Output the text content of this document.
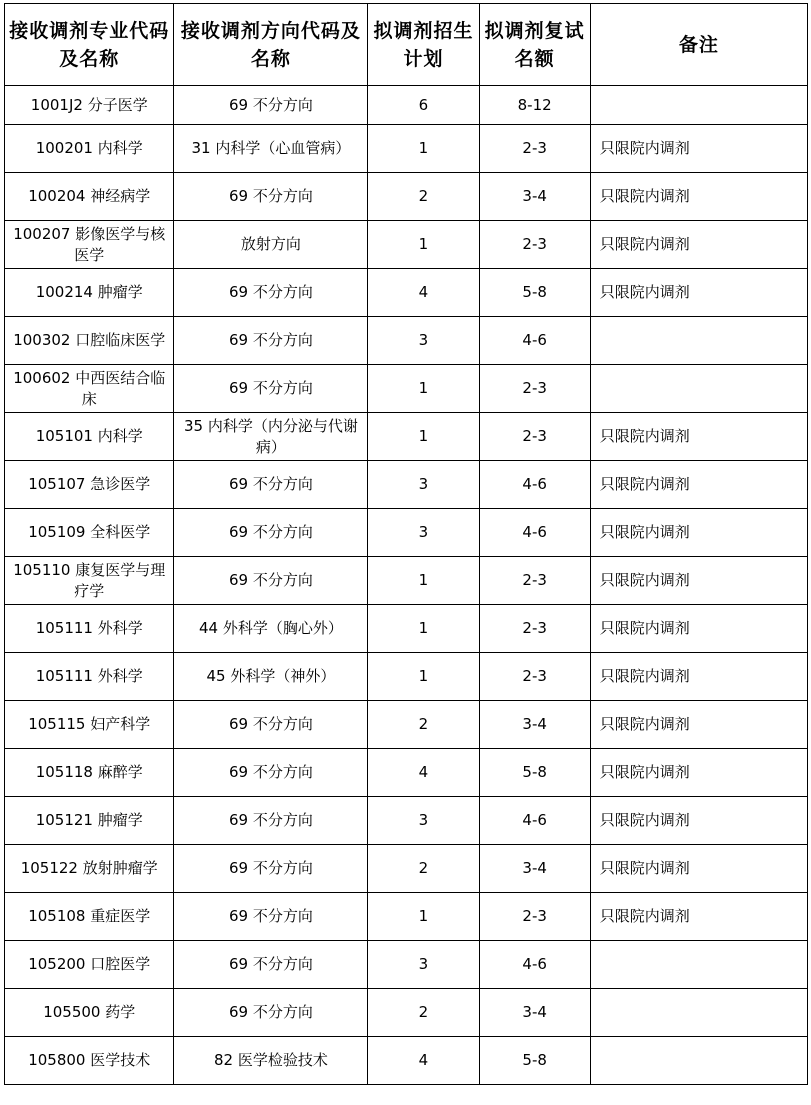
接收调剂专业代码及名称	接收调剂方向代码及名称	拟调剂招生计划	拟调剂复试名额	备注
1001J2 分子医学	69 不分方向	6	8-12	
100201 内科学	31 内科学（心血管病）	1	2-3	只限院内调剂
100204 神经病学	69 不分方向	2	3-4	只限院内调剂
100207 影像医学与核医学	放射方向	1	2-3	只限院内调剂
100214 肿瘤学	69 不分方向	4	5-8	只限院内调剂
100302 口腔临床医学	69 不分方向	3	4-6	
100602 中西医结合临床	69 不分方向	1	2-3	
105101 内科学	35 内科学（内分泌与代谢病）	1	2-3	只限院内调剂
105107 急诊医学	69 不分方向	3	4-6	只限院内调剂
105109 全科医学	69 不分方向	3	4-6	只限院内调剂
105110 康复医学与理疗学	69 不分方向	1	2-3	只限院内调剂
105111 外科学	44 外科学（胸心外）	1	2-3	只限院内调剂
105111 外科学	45 外科学（神外）	1	2-3	只限院内调剂
105115 妇产科学	69 不分方向	2	3-4	只限院内调剂
105118 麻醉学	69 不分方向	4	5-8	只限院内调剂
105121 肿瘤学	69 不分方向	3	4-6	只限院内调剂
105122 放射肿瘤学	69 不分方向	2	3-4	只限院内调剂
105108 重症医学	69 不分方向	1	2-3	只限院内调剂
105200 口腔医学	69 不分方向	3	4-6	
105500 药学	69 不分方向	2	3-4	
105800 医学技术	82 医学检验技术	4	5-8	
